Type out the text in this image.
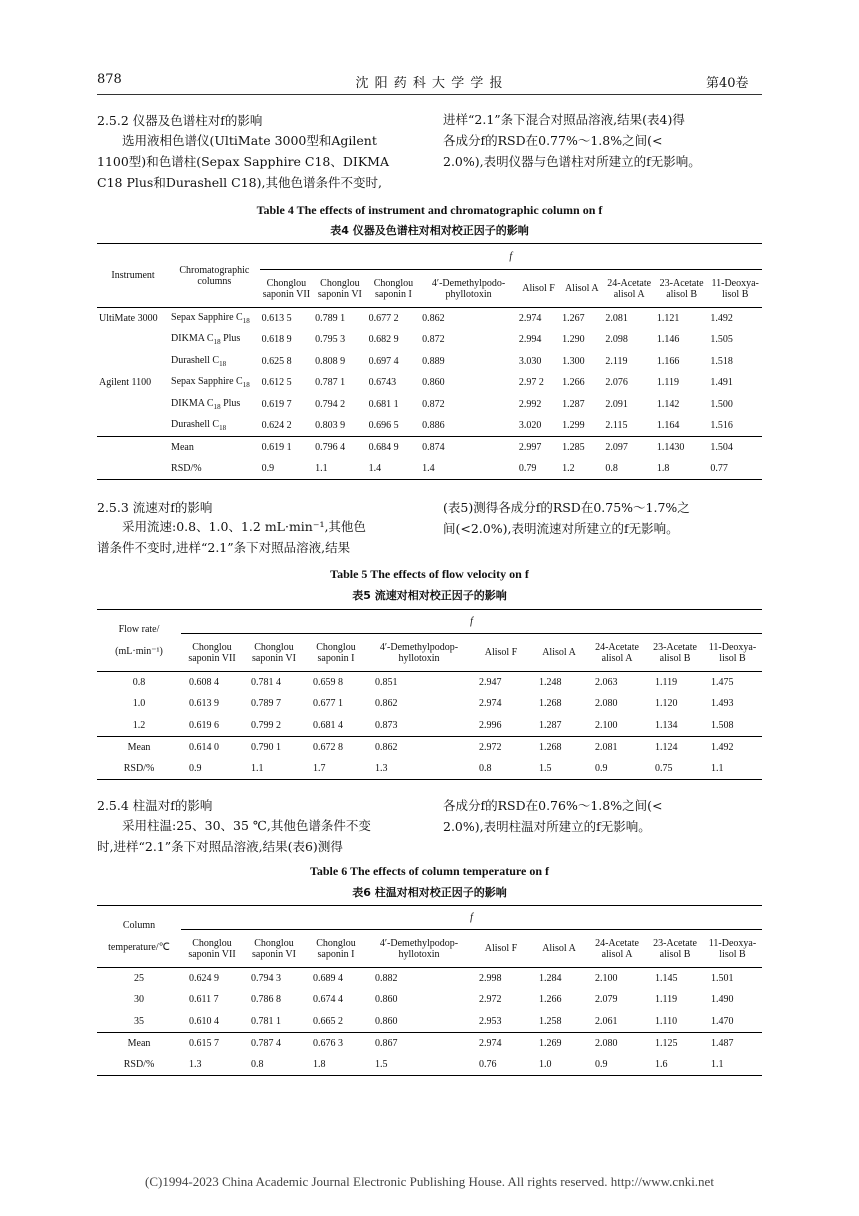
878	沈 阳 药 科 大 学 学 报	第40卷
2.5.2 仪器及色谱柱对f的影响
选用液相色谱仪(UltiMate 3000型和Agilent
1100型)和色谱柱(Sepax Sapphire C18、DIKMA
C18 Plus和Durashell C18),其他色谱条件不变时,
进样“2.1”条下混合对照品溶液,结果(表4)得
各成分f的RSD在0.77%～1.8%之间(<
2.0%),表明仪器与色谱柱对所建立的f无影响。
Table 4 The effects of instrument and chromatographic column on f
表4 仪器及色谱柱对相对校正因子的影响
Instrument	Chromatographic
columns	f								
		Chonglou
saponin VII	Chonglou
saponin VI	Chonglou
saponin I	4′-Demethylpodo-
phyllotoxin	Alisol F	Alisol A	24-Acetate
alisol A	23-Acetate
alisol B	11-Deoxya-
lisol B
UltiMate 3000	Sepax Sapphire $C_{18}$	0.613 5	0.789 1	0.677 2	0.862	2.974	1.267	2.081	1.121	1.492
	DIKMA $C_{18}$ Plus	0.618 9	0.795 3	0.682 9	0.872	2.994	1.290	2.098	1.146	1.505
	Durashell $C_{18}$	0.625 8	0.808 9	0.697 4	0.889	3.030	1.300	2.119	1.166	1.518
Agilent 1100	Sepax Sapphire $C_{18}$	0.612 5	0.787 1	0.6743	0.860	2.97 2	1.266	2.076	1.119	1.491
	DIKMA $C_{18}$ Plus	0.619 7	0.794 2	0.681 1	0.872	2.992	1.287	2.091	1.142	1.500
	Durashell $C_{18}$	0.624 2	0.803 9	0.696 5	0.886	3.020	1.299	2.115	1.164	1.516
	Mean	0.619 1	0.796 4	0.684 9	0.874	2.997	1.285	2.097	1.1430	1.504
	RSD/%	0.9	1.1	1.4	1.4	0.79	1.2	0.8	1.8	0.77
2.5.3 流速对f的影响
采用流速:0.8、1.0、1.2 mL·min⁻¹,其他色
谱条件不变时,进样“2.1”条下对照品溶液,结果
(表5)测得各成分f的RSD在0.75%～1.7%之
间(<2.0%),表明流速对所建立的f无影响。
Table 5 The effects of flow velocity on f
表5 流速对相对校正因子的影响
Flow rate/

(mL·min⁻¹)	f								
	Chonglou
saponin VII	Chonglou
saponin VI	Chonglou
saponin I	4′-Demethylpodop-
hyllotoxin	Alisol F	Alisol A	24-Acetate
alisol A	23-Acetate
alisol B	11-Deoxya-
lisol B
0.8	0.608 4	0.781 4	0.659 8	0.851	2.947	1.248	2.063	1.119	1.475
1.0	0.613 9	0.789 7	0.677 1	0.862	2.974	1.268	2.080	1.120	1.493
1.2	0.619 6	0.799 2	0.681 4	0.873	2.996	1.287	2.100	1.134	1.508
Mean	0.614 0	0.790 1	0.672 8	0.862	2.972	1.268	2.081	1.124	1.492
RSD/%	0.9	1.1	1.7	1.3	0.8	1.5	0.9	0.75	1.1
2.5.4 柱温对f的影响
采用柱温:25、30、35 ℃,其他色谱条件不变
时,进样“2.1”条下对照品溶液,结果(表6)测得
各成分f的RSD在0.76%～1.8%之间(<
2.0%),表明柱温对所建立的f无影响。
Table 6 The effects of column temperature on f
表6 柱温对相对校正因子的影响
Column

temperature/℃	f								
	Chonglou
saponin VII	Chonglou
saponin VI	Chonglou
saponin I	4′-Demethylpodop-
hyllotoxin	Alisol F	Alisol A	24-Acetate
alisol A	23-Acetate
alisol B	11-Deoxya-
lisol B
25	0.624 9	0.794 3	0.689 4	0.882	2.998	1.284	2.100	1.145	1.501
30	0.611 7	0.786 8	0.674 4	0.860	2.972	1.266	2.079	1.119	1.490
35	0.610 4	0.781 1	0.665 2	0.860	2.953	1.258	2.061	1.110	1.470
Mean	0.615 7	0.787 4	0.676 3	0.867	2.974	1.269	2.080	1.125	1.487
RSD/%	1.3	0.8	1.8	1.5	0.76	1.0	0.9	1.6	1.1
(C)1994-2023 China Academic Journal Electronic Publishing House. All rights reserved. http://www.cnki.net
